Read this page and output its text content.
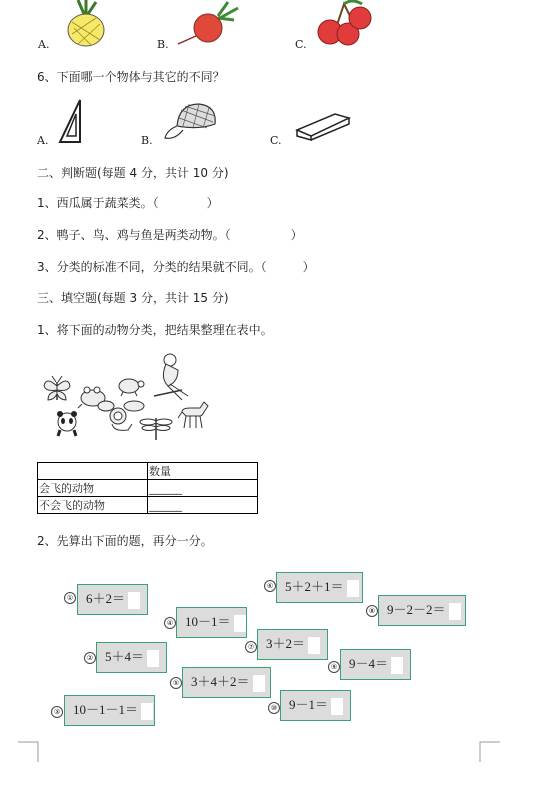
A.	B.	C.
6、下面哪一个物体与其它的不同？
A.	B.	C.
二、判断题(每题 4 分，共计 10 分)
1、西瓜属于蔬菜类。（　　　　）
2、鸭子、鸟、鸡与鱼是两类动物。（　　　　　）
3、分类的标准不同，分类的结果就不同。（　　　）
三、填空题(每题 3 分，共计 15 分)
1、将下面的动物分类，把结果整理在表中。
	数量
会飞的动物	______
不会飞的动物	______
2、先算出下面的题，再分一分。
① 6＋2＝
② 5＋4＝
③ 10－1－1＝
④ 10－1＝
⑤ 3＋4＋2＝
⑥ 5＋2＋1＝
⑦ 3＋2＝
⑧ 9－2－2＝
⑨ 9－4＝
⑩ 9－1＝
